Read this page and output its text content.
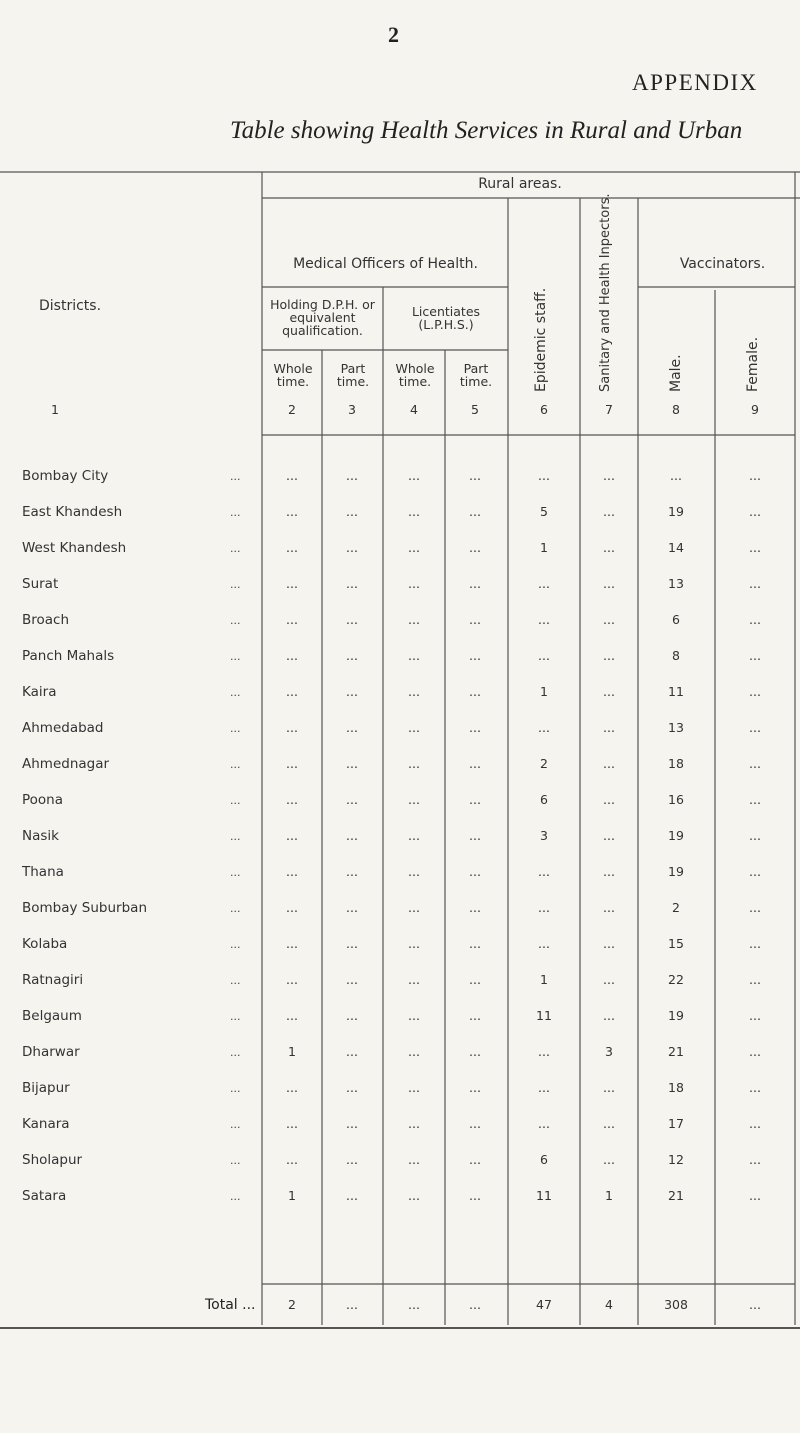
2
APPENDIX
Table showing Health Services in Rural and Urban
Rural areas.
Districts.
Medical Officers of Health.
Holding D.P.H. or equivalent qualification.
Licentiates (L.P.H.S.)
Whole time.
Part time.
Whole time.
Part time.	Epidemic staff.	Sanitary and Health Inpectors.	Vaccinators.
Male.	Female.
1	2	3	4	5	6	7	8	9
Bombay City	...	...	...	...	...	...	...	...	...
East Khandesh	...	...	...	...	...	5	...	19	...
West Khandesh	...	...	...	...	...	1	...	14	...
Surat	...	...	...	...	...	...	...	13	...
Broach	...	...	...	...	...	...	...	6	...
Panch Mahals	...	...	...	...	...	...	...	8	...
Kaira	...	...	...	...	...	1	...	11	...
Ahmedabad	...	...	...	...	...	...	...	13	...
Ahmednagar	...	...	...	...	...	2	...	18	...
Poona	...	...	...	...	...	6	...	16	...
Nasik	...	...	...	...	...	3	...	19	...
Thana	...	...	...	...	...	...	...	19	...
Bombay Suburban	...	...	...	...	...	...	...	2	...
Kolaba	...	...	...	...	...	...	...	15	...
Ratnagiri	...	...	...	...	...	1	...	22	...
Belgaum	...	...	...	...	...	11	...	19	...
Dharwar	...	1	...	...	...	...	3	21	...
Bijapur	...	...	...	...	...	...	...	18	...
Kanara	...	...	...	...	...	...	...	17	...
Sholapur	...	...	...	...	...	6	...	12	...
Satara	...	1	...	...	...	11	1	21	...
Total ...	2	...	...	...	47	4	308	...
